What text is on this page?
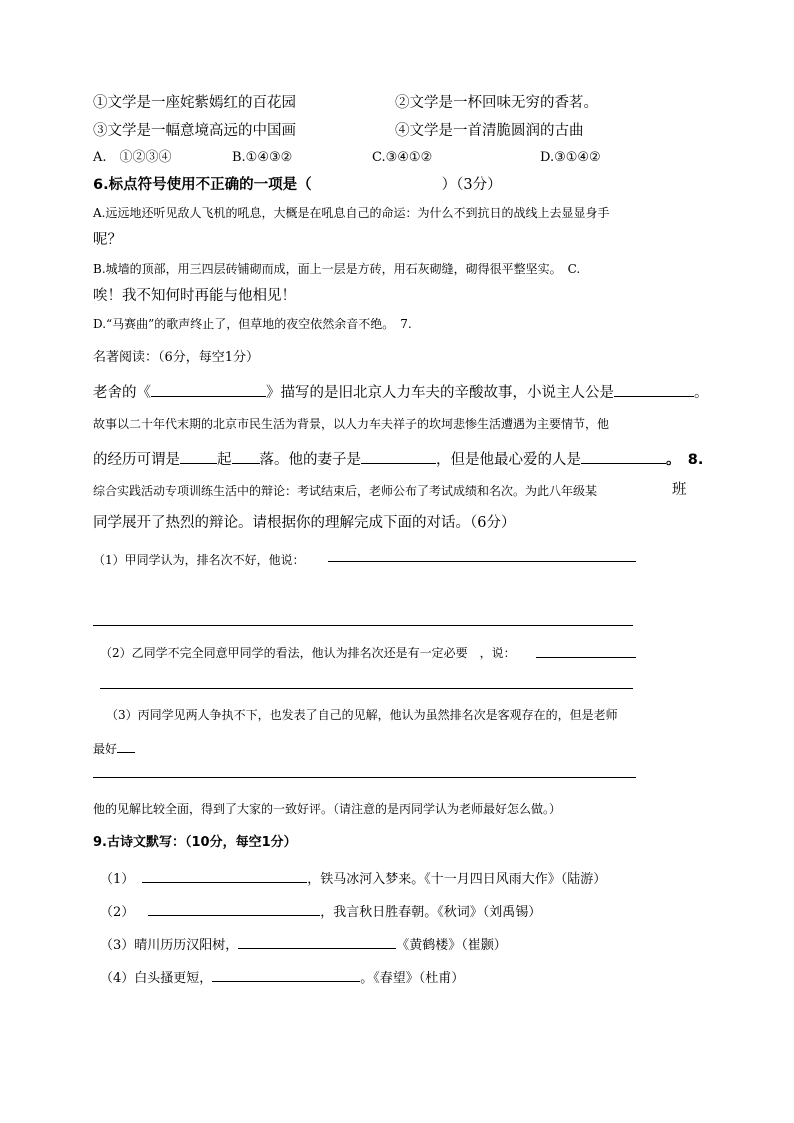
①文学是一座姹紫嫣红的百花园	②文学是一杯回味无穷的香茗。
③文学是一幅意境高远的中国画	④文学是一首清脆圆润的古曲
A.　①②③④	B.①④③②	C.③④①②	D.③①④②
6.标点符号使用不正确的一项是（	）（3分）
A.远远地还听见敌人飞机的吼息，大概是在吼息自己的命运：为什么不到抗日的战线上去显显身手
呢？
B.城墙的顶部，用三四层砖铺砌而成，面上一层是方砖，用石灰砌缝，砌得很平整坚实。　C.
唉！我不知何时再能与他相见！
D.“马赛曲”的歌声终止了，但草地的夜空依然余音不绝。　7.
名著阅读：（6分，每空1分）
老舍的《	》描写的是旧北京人力车夫的辛酸故事，小说主人公是	。
故事以二十年代末期的北京市民生活为背景，以人力车夫祥子的坎坷悲惨生活遭遇为主要情节，他
的经历可谓是	起 落。他的妻子是	，但是他最心爱的人是	。　8.
综合实践活动专项训练生活中的辩论：考试结束后，老师公布了考试成绩和名次。为此八年级某	班
同学展开了热烈的辩论。请根据你的理解完成下面的对话。（6分）
（1）甲同学认为，排名次不好，他说：
（2）乙同学不完全同意甲同学的看法，他认为排名次还是有一定必要　，说：
（3）丙同学见两人争执不下，也发表了自己的见解，他认为虽然排名次是客观存在的，但是老师
最好
他的见解比较全面，得到了大家的一致好评。（请注意的是丙同学认为老师最好怎么做。）
9.古诗文默写：（10分，每空1分）
（1）	，铁马冰河入梦来。《十一月四日风雨大作》（陆游）
（2）	，我言秋日胜春朝。《秋词》（刘禹锡）
（3）晴川历历汉阳树，	《黄鹤楼》（崔颢）
（4）白头搔更短，	。《春望》（杜甫）
